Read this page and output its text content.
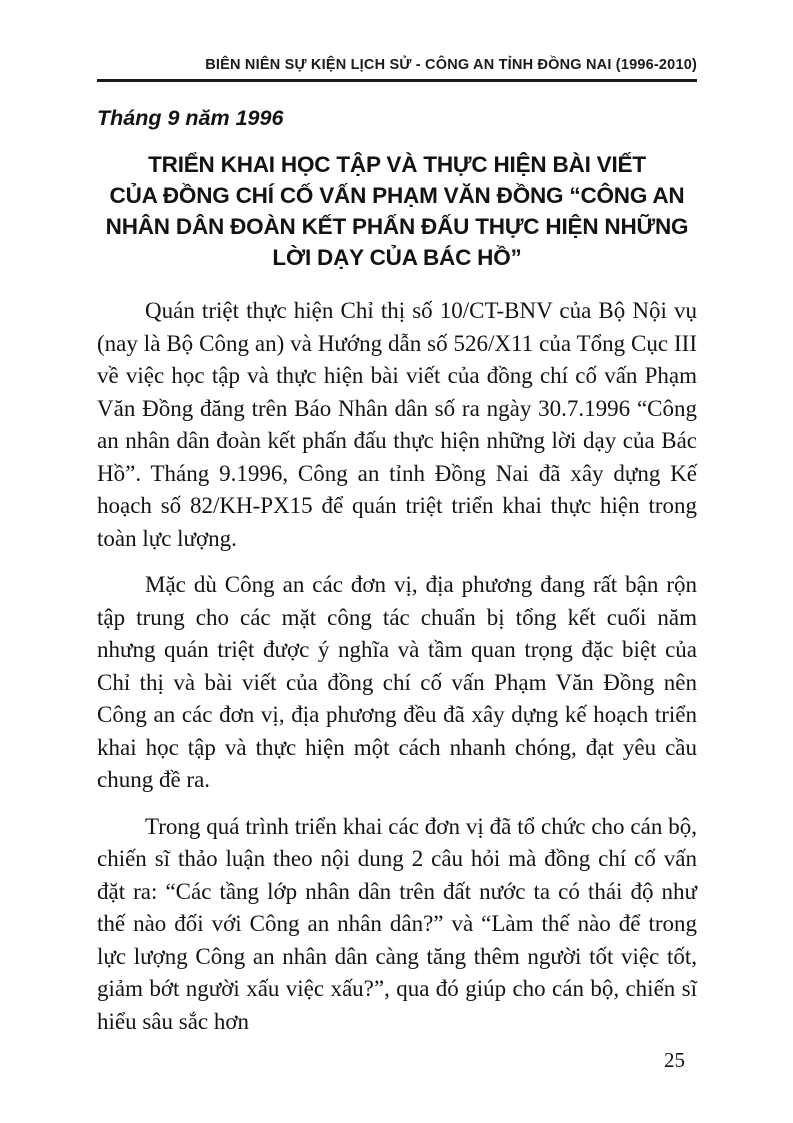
BIÊN NIÊN SỰ KIỆN LỊCH SỬ - CÔNG AN TỈNH ĐỒNG NAI (1996-2010)
Tháng 9 năm 1996
TRIỂN KHAI HỌC TẬP VÀ THỰC HIỆN BÀI VIẾT
CỦA ĐỒNG CHÍ CỐ VẤN PHẠM VĂN ĐỒNG “CÔNG AN
NHÂN DÂN ĐOÀN KẾT PHẤN ĐẤU THỰC HIỆN NHỮNG
LỜI DẠY CỦA BÁC HỒ”

Quán triệt thực hiện Chỉ thị số 10/CT-BNV của Bộ Nội vụ (nay là Bộ Công an) và Hướng dẫn số 526/X11 của Tổng Cục III về việc học tập và thực hiện bài viết của đồng chí cố vấn Phạm Văn Đồng đăng trên Báo Nhân dân số ra ngày 30.7.1996 “Công an nhân dân đoàn kết phấn đấu thực hiện những lời dạy của Bác Hồ”. Tháng 9.1996, Công an tỉnh Đồng Nai đã xây dựng Kế hoạch số 82/KH-PX15 để quán triệt triển khai thực hiện trong toàn lực lượng.

Mặc dù Công an các đơn vị, địa phương đang rất bận rộn tập trung cho các mặt công tác chuẩn bị tổng kết cuối năm nhưng quán triệt được ý nghĩa và tầm quan trọng đặc biệt của Chỉ thị và bài viết của đồng chí cố vấn Phạm Văn Đồng nên Công an các đơn vị, địa phương đều đã xây dựng kế hoạch triển khai học tập và thực hiện một cách nhanh chóng, đạt yêu cầu chung đề ra.

Trong quá trình triển khai các đơn vị đã tổ chức cho cán bộ, chiến sĩ thảo luận theo nội dung 2 câu hỏi mà đồng chí cố vấn đặt ra: “Các tầng lớp nhân dân trên đất nước ta có thái độ như thế nào đối với Công an nhân dân?” và “Làm thế nào để trong lực lượng Công an nhân dân càng tăng thêm người tốt việc tốt, giảm bớt người xấu việc xấu?”, qua đó giúp cho cán bộ, chiến sĩ hiểu sâu sắc hơn

25
